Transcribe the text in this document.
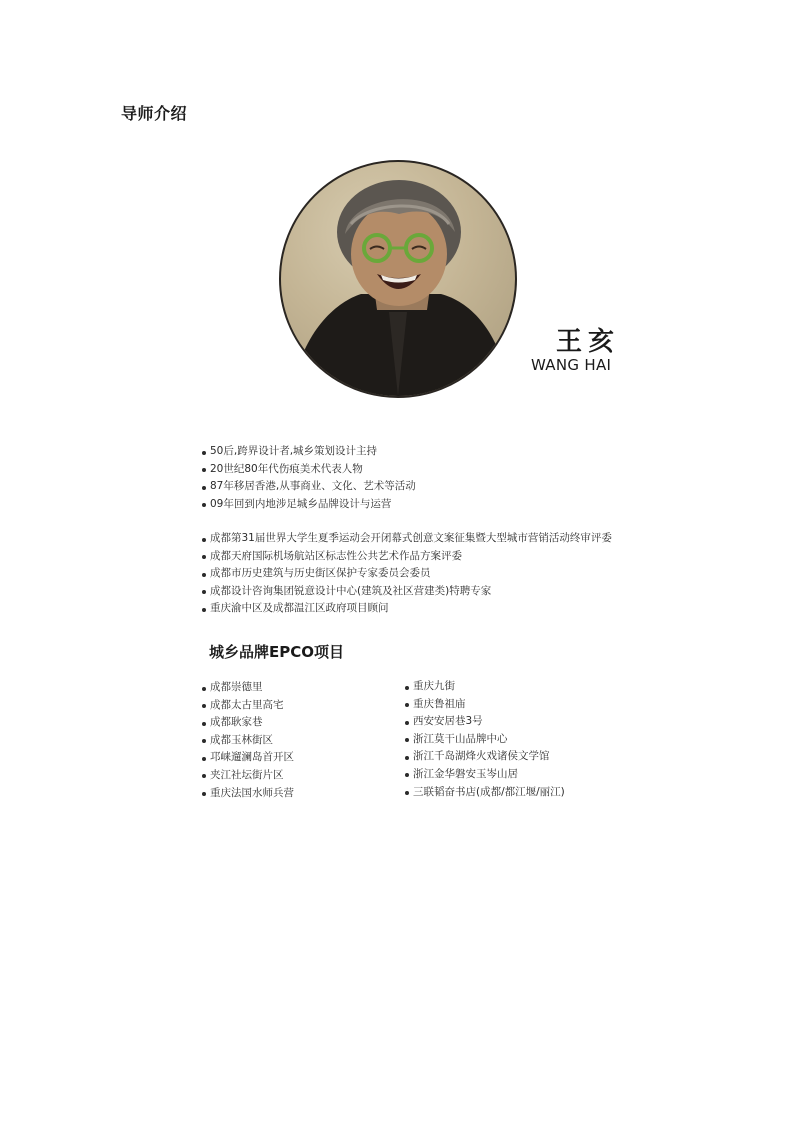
导师介绍
王亥
WANG HAI
50后,跨界设计者,城乡策划设计主持
20世纪80年代伤痕美术代表人物
87年移居香港,从事商业、文化、艺术等活动
09年回到内地涉足城乡品牌设计与运营
成都第31届世界大学生夏季运动会开闭幕式创意文案征集暨大型城市营销活动终审评委
成都天府国际机场航站区标志性公共艺术作品方案评委
成都市历史建筑与历史街区保护专家委员会委员
成都设计咨询集团锐意设计中心(建筑及社区营建类)特聘专家
重庆渝中区及成都温江区政府项目顾问
城乡品牌EPCO项目
成都崇德里
成都太古里高宅
成都耿家巷
成都玉林街区
邛崃遛澜岛首开区
夹江社坛街片区
重庆法国水师兵营
重庆九街
重庆鲁祖庙
西安安居巷3号
浙江莫干山品牌中心
浙江千岛湖烽火戏诸侯文学馆
浙江金华磐安玉岑山居
三联韬奋书店(成都/都江堰/丽江)
